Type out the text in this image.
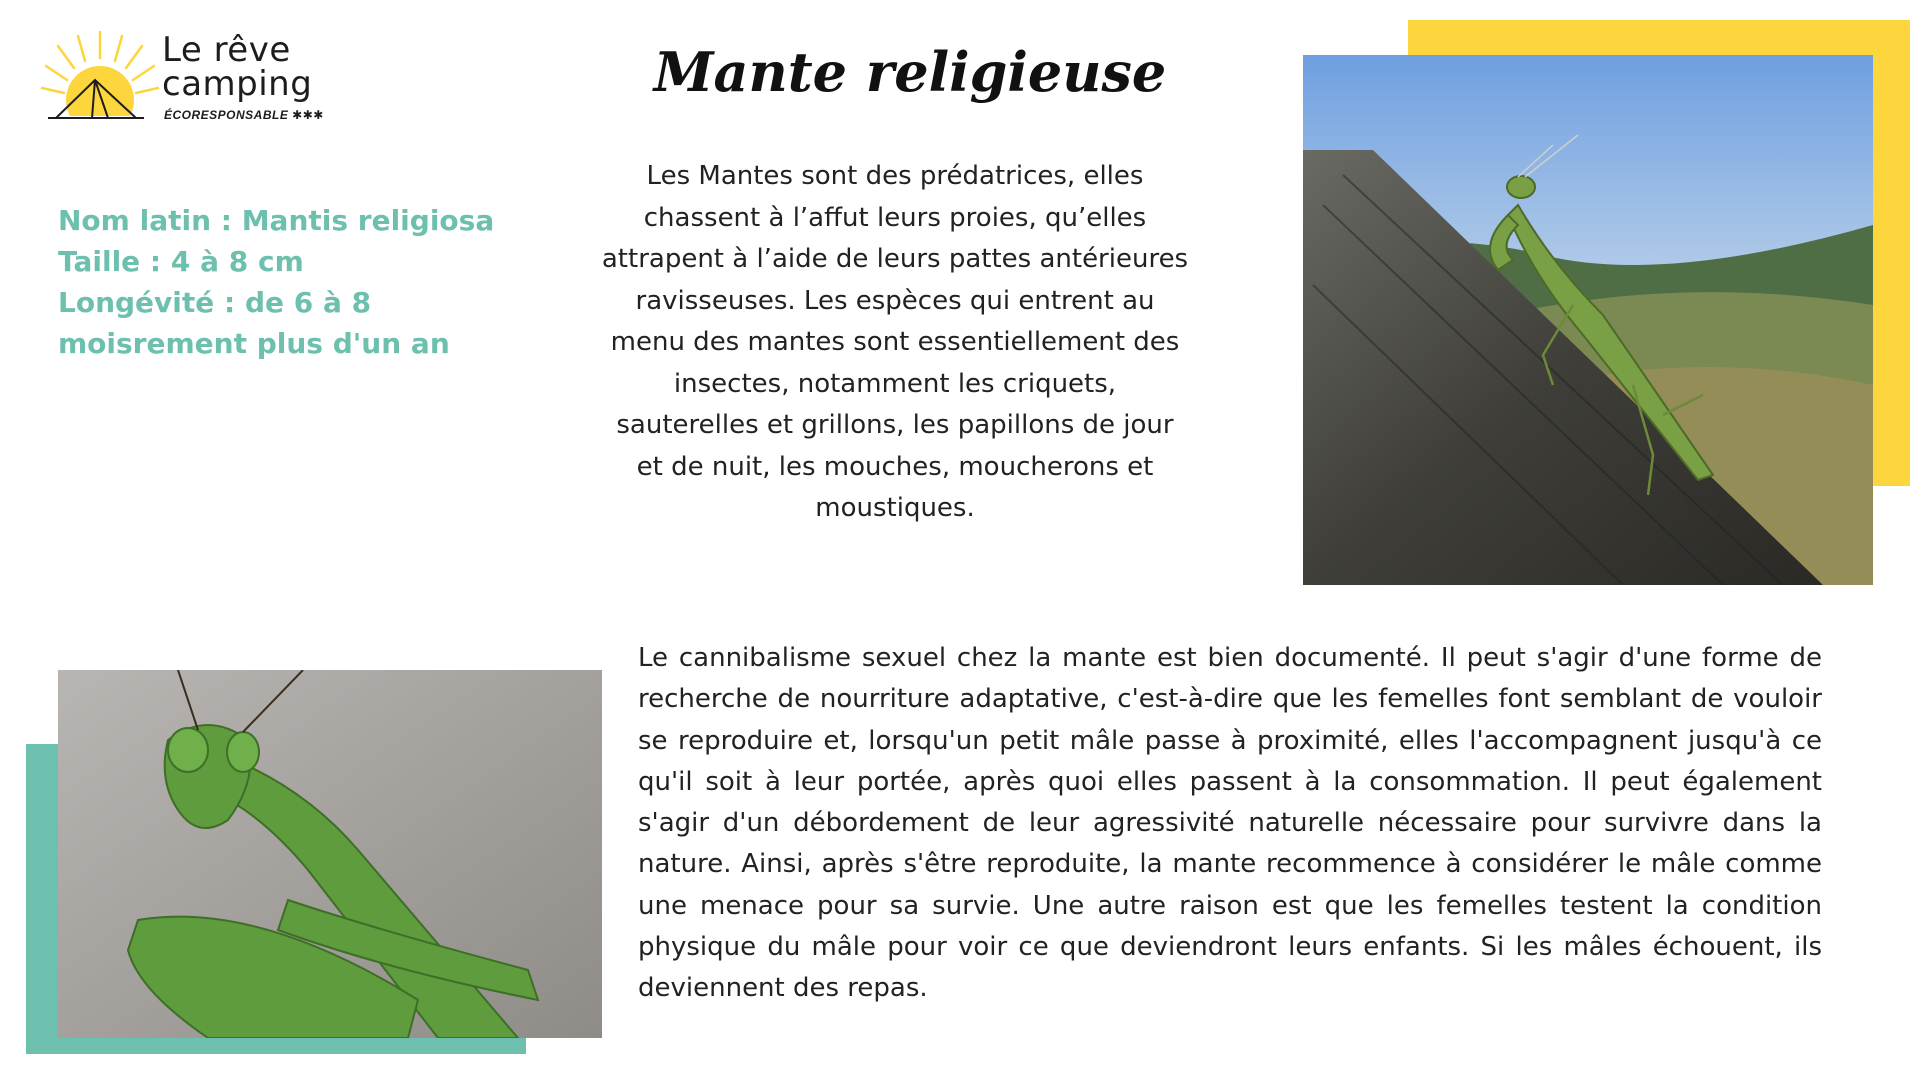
Le rêve
camping
ÉCORESPONSABLE ✱✱✱
Mante religieuse
Nom latin : Mantis religiosa
Taille : 4 à 8 cm
Longévité : de 6 à 8
moisrement plus d'un an
Les Mantes sont des prédatrices, elles chassent à l’affut leurs proies, qu’elles attrapent à l’aide de leurs pattes antérieures ravisseuses. Les espèces qui entrent au menu des mantes sont essentiellement des insectes, notamment les criquets, sauterelles et grillons, les papillons de jour et de nuit, les mouches, moucherons et moustiques.
Le cannibalisme sexuel chez la mante est bien documenté. Il peut s'agir d'une forme de recherche de nourriture adaptative, c'est-à-dire que les femelles font semblant de vouloir se reproduire et, lorsqu'un petit mâle passe à proximité, elles l'accompagnent jusqu'à ce qu'il soit à leur portée, après quoi elles passent à la consommation. Il peut également s'agir d'un débordement de leur agressivité naturelle nécessaire pour survivre dans la nature. Ainsi, après s'être reproduite, la mante recommence à considérer le mâle comme une menace pour sa survie. Une autre raison est que les femelles testent la condition physique du mâle pour voir ce que deviendront leurs enfants. Si les mâles échouent, ils deviennent des repas.
